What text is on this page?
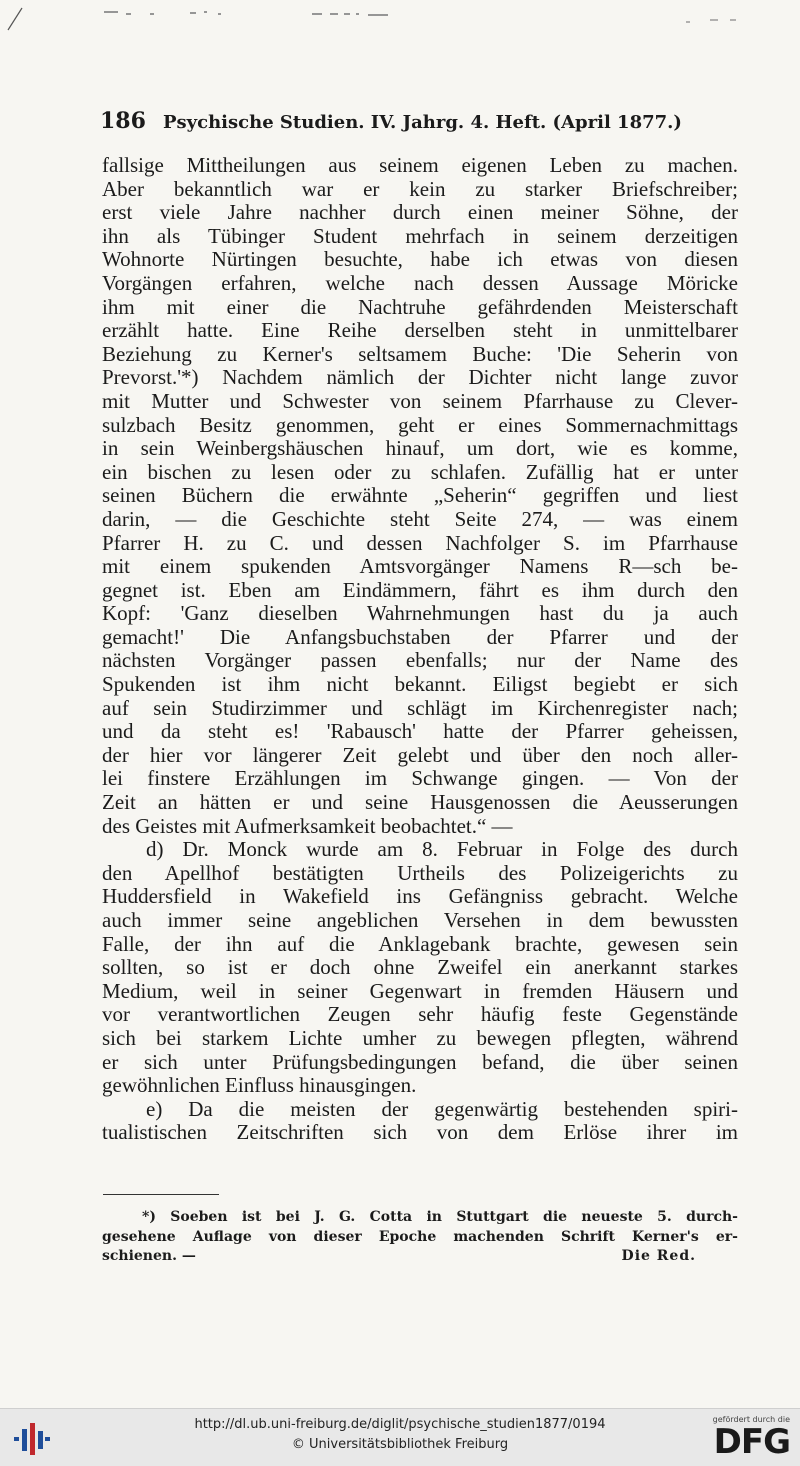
186 Psychische Studien. IV. Jahrg. 4. Heft. (April 1877.)
fallsige Mittheilungen aus seinem eigenen Leben zu machen.
Aber bekanntlich war er kein zu starker Briefschreiber;
erst viele Jahre nachher durch einen meiner Söhne, der
ihn als Tübinger Student mehrfach in seinem derzeitigen
Wohnorte Nürtingen besuchte, habe ich etwas von diesen
Vorgängen erfahren, welche nach dessen Aussage Möricke
ihm mit einer die Nachtruhe gefährdenden Meisterschaft
erzählt hatte. Eine Reihe derselben steht in unmittelbarer
Beziehung zu Kerner's seltsamem Buche: 'Die Seherin von
Prevorst.'*) Nachdem nämlich der Dichter nicht lange zuvor
mit Mutter und Schwester von seinem Pfarrhause zu Clever-
sulzbach Besitz genommen, geht er eines Sommernachmittags
in sein Weinbergshäuschen hinauf, um dort, wie es komme,
ein bischen zu lesen oder zu schlafen. Zufällig hat er unter
seinen Büchern die erwähnte „Seherin“ gegriffen und liest
darin, — die Geschichte steht Seite 274, — was einem
Pfarrer H. zu C. und dessen Nachfolger S. im Pfarrhause
mit einem spukenden Amtsvorgänger Namens R—sch be-
gegnet ist. Eben am Eindämmern, fährt es ihm durch den
Kopf: 'Ganz dieselben Wahrnehmungen hast du ja auch
gemacht!' Die Anfangsbuchstaben der Pfarrer und der
nächsten Vorgänger passen ebenfalls; nur der Name des
Spukenden ist ihm nicht bekannt. Eiligst begiebt er sich
auf sein Studirzimmer und schlägt im Kirchenregister nach;
und da steht es! 'Rabausch' hatte der Pfarrer geheissen,
der hier vor längerer Zeit gelebt und über den noch aller-
lei finstere Erzählungen im Schwange gingen. — Von der
Zeit an hätten er und seine Hausgenossen die Aeusserungen
des Geistes mit Aufmerksamkeit beobachtet.“ —
d) Dr. Monck wurde am 8. Februar in Folge des durch
den Apellhof bestätigten Urtheils des Polizeigerichts zu
Huddersfield in Wakefield ins Gefängniss gebracht. Welche
auch immer seine angeblichen Versehen in dem bewussten
Falle, der ihn auf die Anklagebank brachte, gewesen sein
sollten, so ist er doch ohne Zweifel ein anerkannt starkes
Medium, weil in seiner Gegenwart in fremden Häusern und
vor verantwortlichen Zeugen sehr häufig feste Gegenstände
sich bei starkem Lichte umher zu bewegen pflegten, während
er sich unter Prüfungsbedingungen befand, die über seinen
gewöhnlichen Einfluss hinausgingen.
e) Da die meisten der gegenwärtig bestehenden spiri-
tualistischen Zeitschriften sich von dem Erlöse ihrer im
*) Soeben ist bei J. G. Cotta in Stuttgart die neueste 5. durch-
gesehene Auflage von dieser Epoche machenden Schrift Kerner's er-
schienen. —	Die Red.
http://dl.ub.uni-freiburg.de/diglit/psychische_studien1877/0194
© Universitätsbibliothek Freiburg
gefördert durch die
DFG
